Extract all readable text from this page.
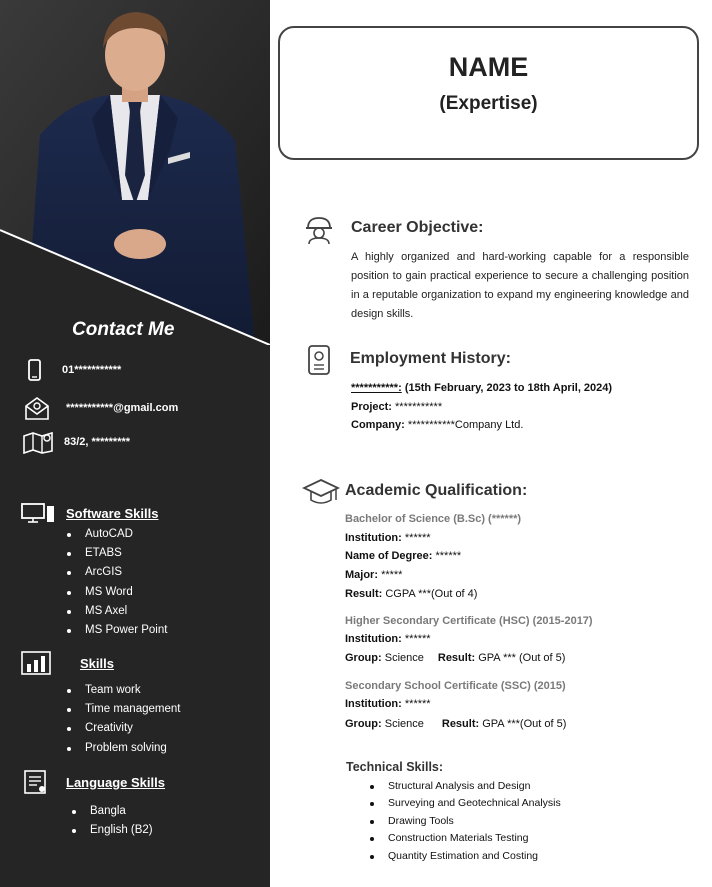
Contact Me
01***********
***********@gmail.com
83/2, *********
Software Skills
AutoCAD
ETABS
ArcGIS
MS Word
MS Axel
MS Power Point
Skills
Team work
Time management
Creativity
Problem solving
Language Skills
Bangla
English (B2)
NAME
(Expertise)
Career Objective:
A highly organized and hard-working capable for a responsible position to gain practical experience to secure a challenging position in a reputable organization to expand my engineering knowledge and design skills.
Employment History:
***********: (15th February, 2023 to 18th April, 2024)
Project: ***********
Company: ***********Company Ltd.
Academic Qualification:
Bachelor of Science (B.Sc) (******)
Institution: ******
Name of Degree: ******
Major: *****
Result: CGPA ***(Out of 4)
Higher Secondary Certificate (HSC) (2015-2017)
Institution: ******
Group: Science Result: GPA *** (Out of 5)
Secondary School Certificate (SSC) (2015)
Institution: ******
Group: Science Result: GPA ***(Out of 5)
Technical Skills:
Structural Analysis and Design
Surveying and Geotechnical Analysis
Drawing Tools
Construction Materials Testing
Quantity Estimation and Costing
